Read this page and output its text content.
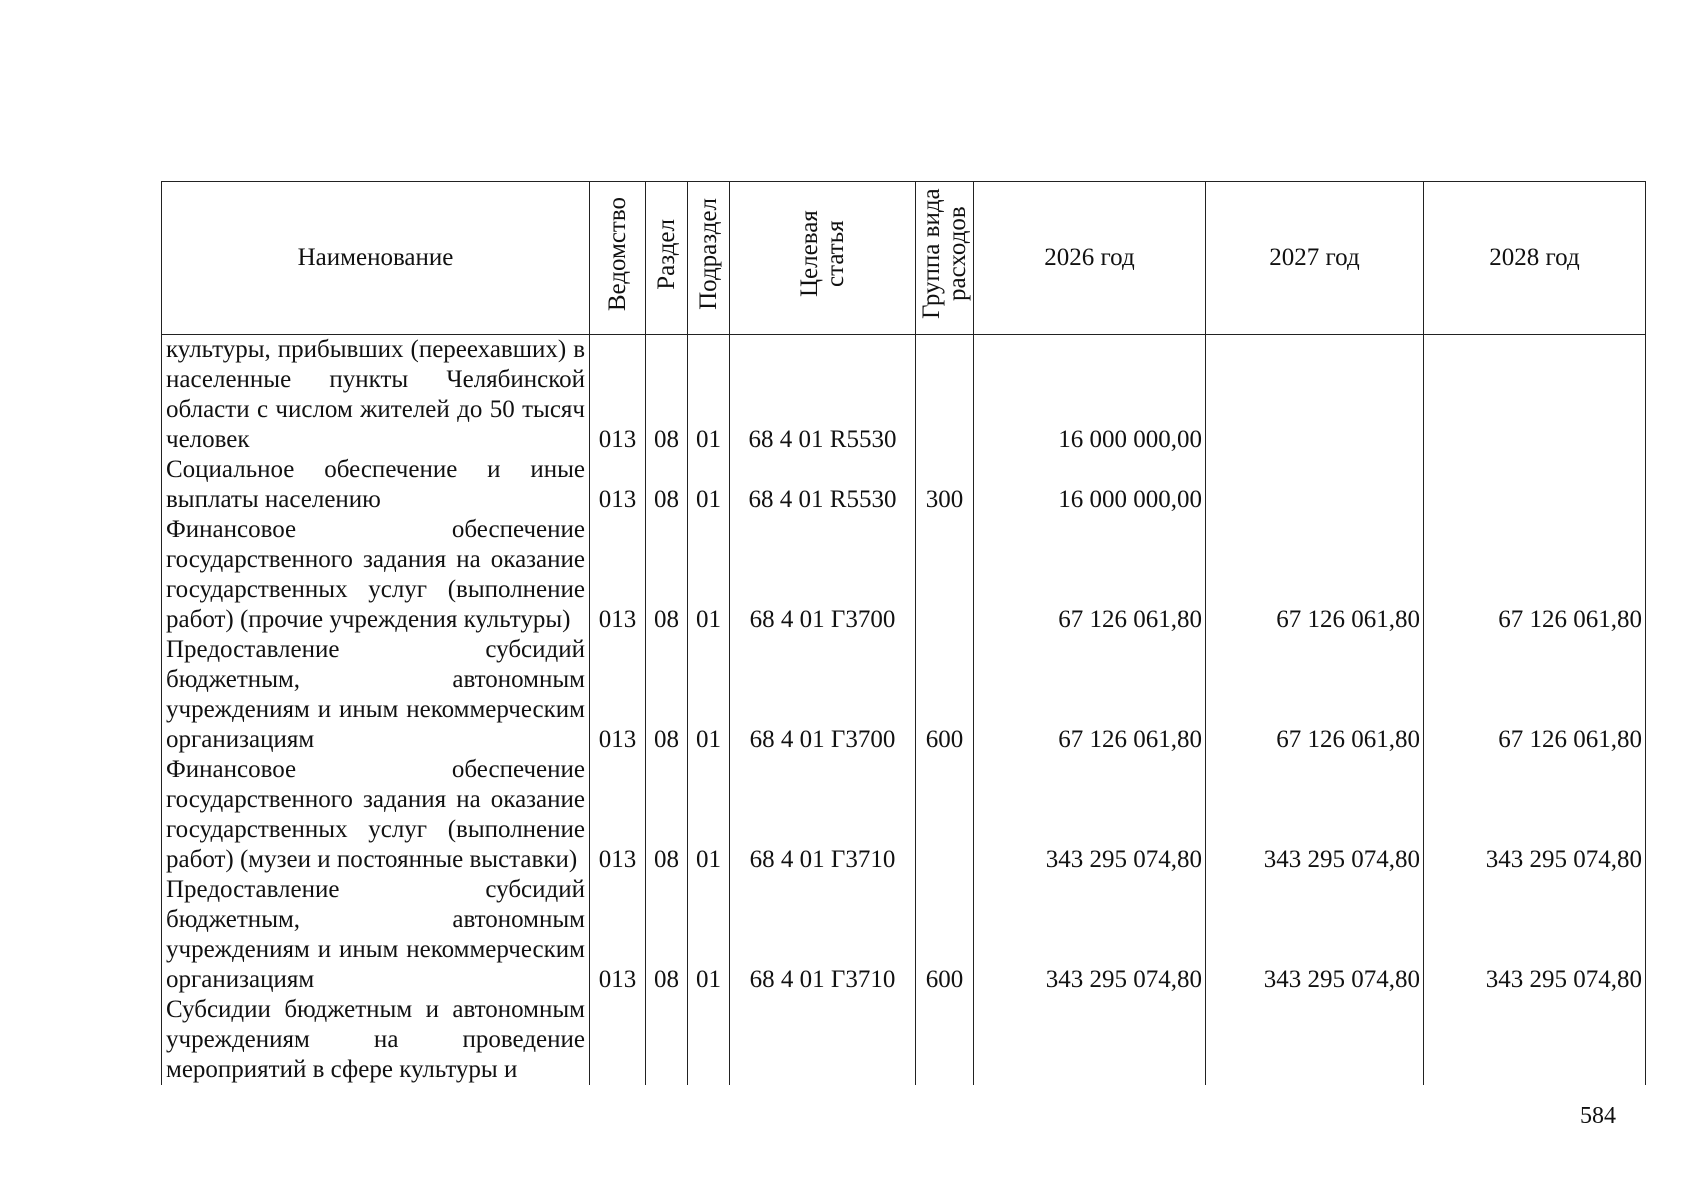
Наименование	Ведомство	Раздел	Подраздел	Целевая статья	Группа вида расходов	2026 год	2027 год	2028 год

культуры, прибывших (переехавших) в населенные пункты Челябинской области с числом жителей до 50 тысяч человек	013	08	01	68 4 01 R5530		16 000 000,00		

Социальное обеспечение и иные выплаты населению	013	08	01	68 4 01 R5530	300	16 000 000,00		

Финансовое обеспечение государственного задания на оказание государственных услуг (выполнение работ) (прочие учреждения культуры)	013	08	01	68 4 01 Г3700		67 126 061,80	67 126 061,80	67 126 061,80

Предоставление субсидий бюджетным, автономным учреждениям и иным некоммерческим организациям	013	08	01	68 4 01 Г3700	600	67 126 061,80	67 126 061,80	67 126 061,80

Финансовое обеспечение государственного задания на оказание государственных услуг (выполнение работ) (музеи и постоянные выставки)	013	08	01	68 4 01 Г3710		343 295 074,80	343 295 074,80	343 295 074,80

Предоставление субсидий бюджетным, автономным учреждениям и иным некоммерческим организациям	013	08	01	68 4 01 Г3710	600	343 295 074,80	343 295 074,80	343 295 074,80

Субсидии бюджетным и автономным учреждениям на проведение мероприятий в сфере культуры и								

584
